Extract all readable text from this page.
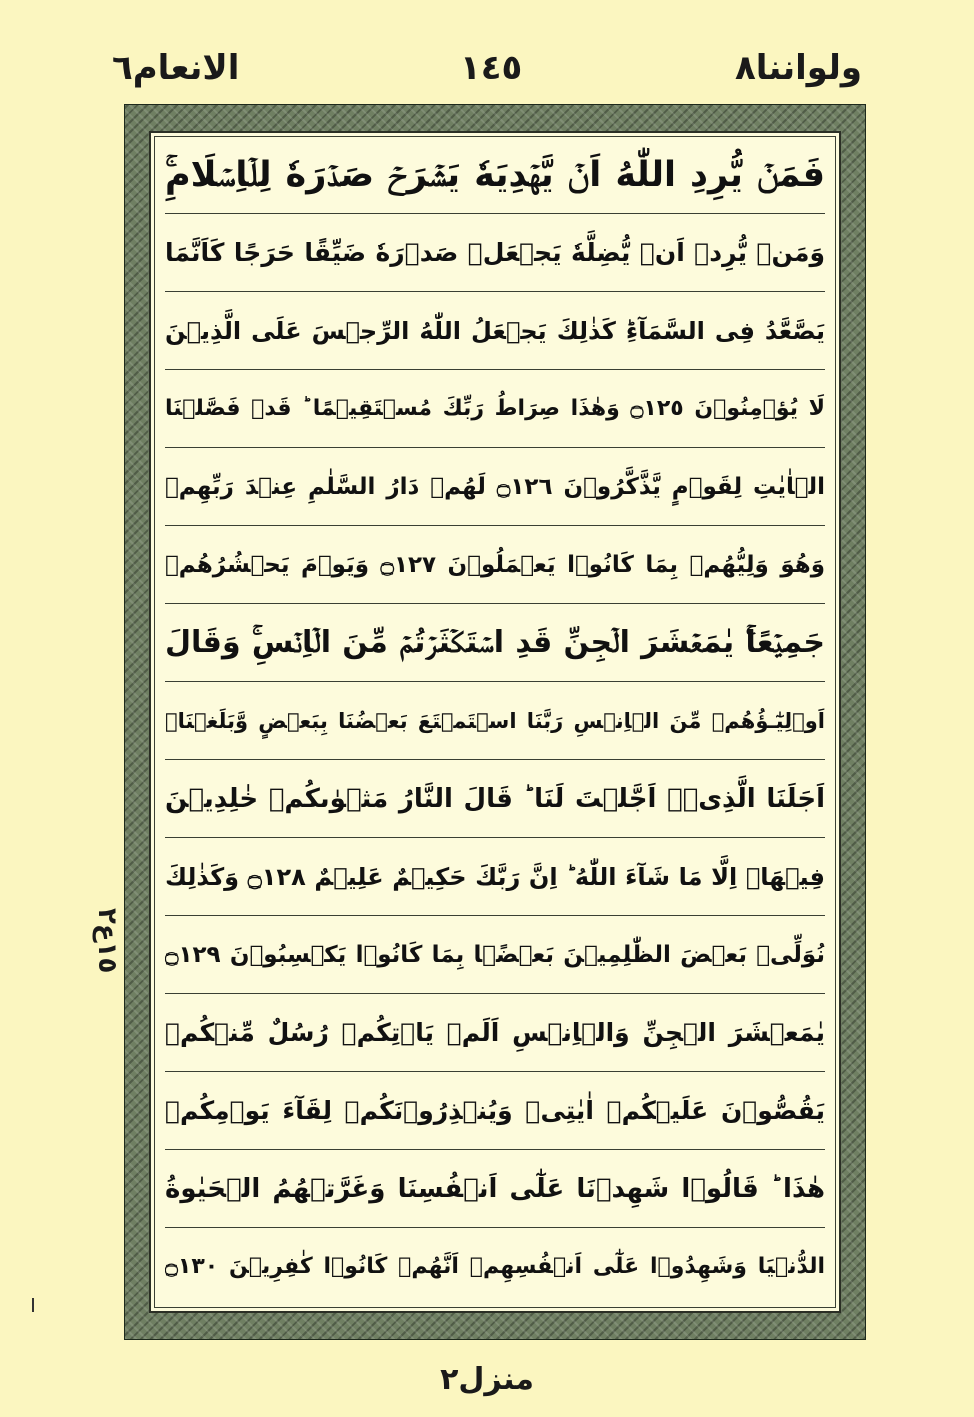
الانعام٦	١٤٥	ولواننا٨
فَمَنۡ يُّرِدِ اللّٰهُ اَنۡ يَّهۡدِيَهٗ يَشۡرَحۡ صَدۡرَهٗ لِلۡاِسۡلَامِ​ۚ
وَمَنۡ يُّرِدۡ اَنۡ يُّضِلَّهٗ يَجۡعَلۡ صَدۡرَهٗ ضَيِّقًا حَرَجًا كَاَنَّمَا
يَصَّعَّدُ فِى السَّمَآءِ​ؕ كَذٰلِكَ يَجۡعَلُ اللّٰهُ الرِّجۡسَ عَلَى الَّذِيۡنَ
لَا يُؤۡمِنُوۡنَ‏ ۝١٢٥ وَهٰذَا صِرَاطُ رَبِّكَ مُسۡتَقِيۡمًا ​ؕ قَدۡ فَصَّلۡنَا
الۡاٰيٰتِ لِقَوۡمٍ يَّذَّكَّرُوۡنَ‏ ۝١٢٦ لَهُمۡ دَارُ السَّلٰمِ عِنۡدَ رَبِّهِمۡ
وَهُوَ وَلِيُّهُمۡ بِمَا كَانُوۡا يَعۡمَلُوۡنَ‏ ۝١٢٧ وَيَوۡمَ يَحۡشُرُهُمۡ
جَمِيۡعًا​ۚ يٰمَعۡشَرَ الۡجِنِّ قَدِ اسۡتَكۡثَرۡتُمۡ مِّنَ الۡاِنۡسِ​ۚ وَقَالَ
اَوۡلِيٰٓـؤُهُمۡ مِّنَ الۡاِنۡسِ رَبَّنَا اسۡتَمۡتَعَ بَعۡضُنَا بِبَعۡضٍ وَّبَلَغۡنَاۤ
اَجَلَنَا الَّذِىۡۤ اَجَّلۡتَ لَنَا​ ؕ قَالَ النَّارُ مَثۡوٰٮكُمۡ خٰلِدِيۡنَ
فِيۡهَاۤ اِلَّا مَا شَآءَ اللّٰهُ​ ؕ اِنَّ رَبَّكَ حَكِيۡمٌ عَلِيۡمٌ‏ ۝١٢٨ وَكَذٰلِكَ
نُوَلِّىۡ بَعۡضَ الظّٰلِمِيۡنَ بَعۡضًۢا بِمَا كَانُوۡا يَكۡسِبُوۡنَ‏ ۝١٢٩
يٰمَعۡشَرَ الۡجِنِّ وَالۡاِنۡسِ اَلَمۡ يَاۡتِكُمۡ رُسُلٌ مِّنۡكُمۡ
يَقُصُّوۡنَ عَلَيۡكُمۡ اٰيٰتِىۡ وَيُنۡذِرُوۡنَكُمۡ لِقَآءَ يَوۡمِكُمۡ
هٰذَا​ ؕ قَالُوۡا شَهِدۡنَا عَلٰٓى اَنۡفُسِنَا​ وَغَرَّتۡهُمُ الۡحَيٰوةُ
الدُّنۡيَا وَشَهِدُوۡا عَلٰٓى اَنۡفُسِهِمۡ اَنَّهُمۡ كَانُوۡا كٰفِرِيۡنَ‏ ۝١٣٠
١٥ع٢
منزل٢
